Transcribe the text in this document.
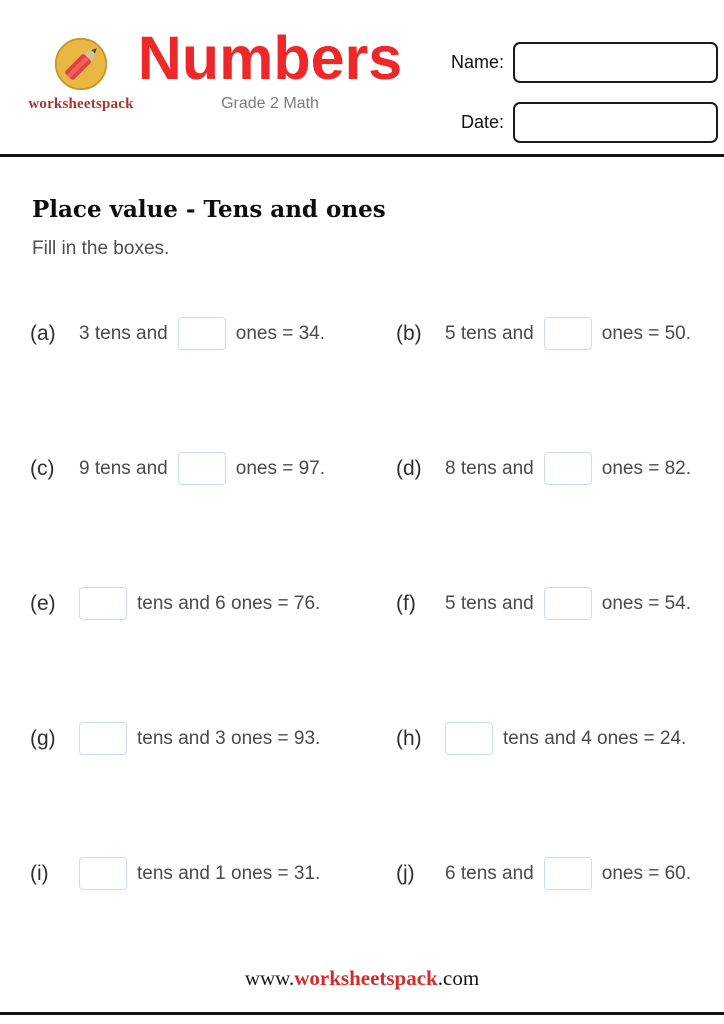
worksheetspack
Numbers
Grade 2 Math
Name:
Date:
Place value - Tens and ones
Fill in the boxes.
(a)	3 tens and	ones = 34.	(b)	5 tens and	ones = 50.
(c)	9 tens and	ones = 97.	(d)	8 tens and	ones = 82.
(e)	tens and 6 ones = 76.	(f)	5 tens and	ones = 54.
(g)	tens and 3 ones = 93.	(h)	tens and 4 ones = 24.
(i)	tens and 1 ones = 31.	(j)	6 tens and	ones = 60.
www.worksheetspack.com
